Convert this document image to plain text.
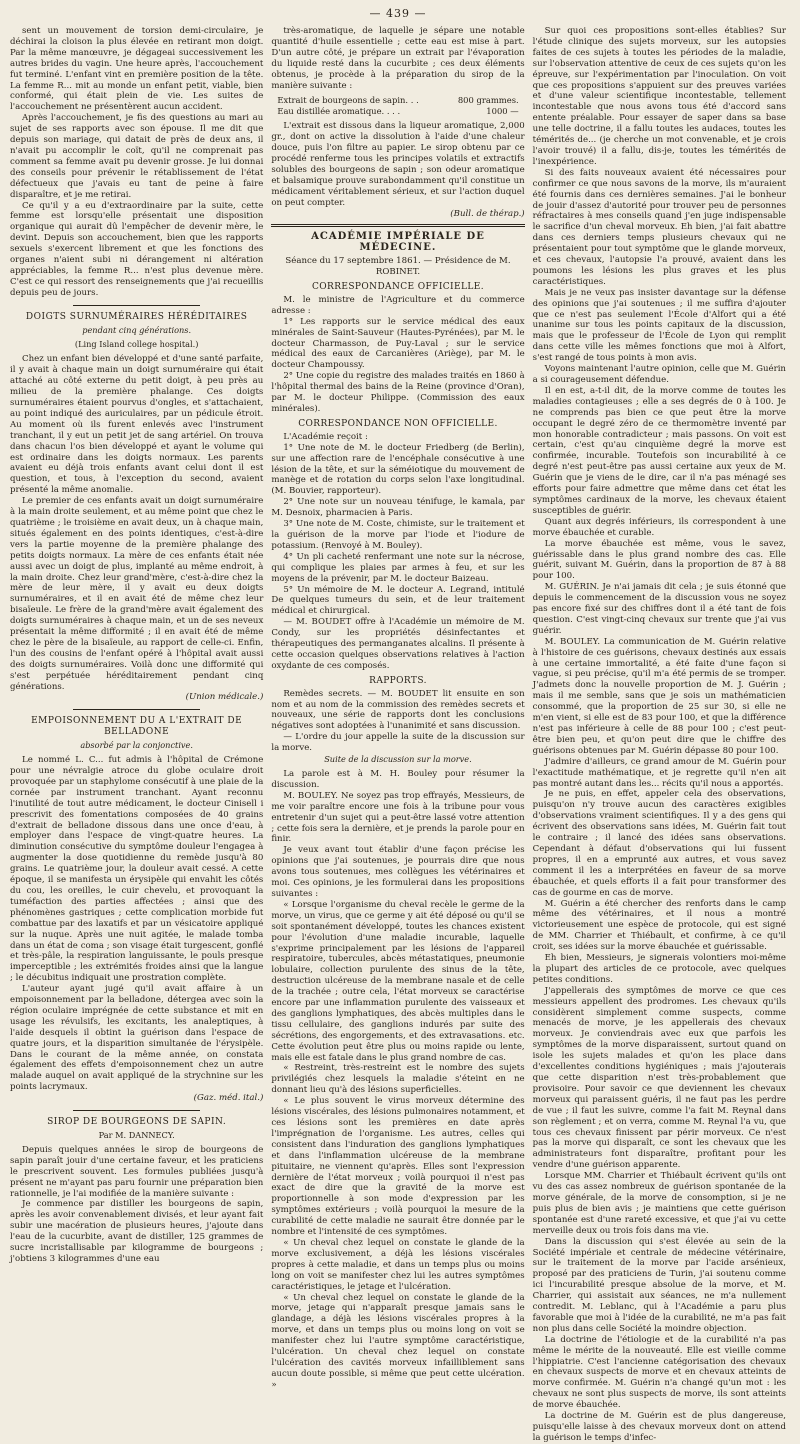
— 439 —

sent un mouvement de torsion demi-circulaire, je déchirai la cloison la plus élevée en retirant mon doigt. Par la même manœuvre, je dégageai successivement les autres brides du vagin. Une heure après, l'accouchement fut terminé. L'enfant vint en première position de la tête. La femme R... mit au monde un enfant petit, viable, bien conformé, qui était plein de vie. Les suites de l'accouchement ne présentèrent aucun accident.

Après l'accouchement, je fis des questions au mari au sujet de ses rapports avec son épouse. Il me dit que depuis son mariage, qui datait de près de deux ans, il n'avait pu accomplir le coït, qu'il ne comprenait pas comment sa femme avait pu devenir grosse. Je lui donnai des conseils pour prévenir le rétablissement de l'état défectueux que j'avais eu tant de peine à faire disparaître, et je me retirai.

Ce qu'il y a eu d'extraordinaire par la suite, cette femme est lorsqu'elle présentait une disposition organique qui aurait dû l'empêcher de devenir mère, le devint. Depuis son accouchement, bien que les rapports sexuels s'exercent librement et que les fonctions des organes n'aient subi ni dérangement ni altération appréciables, la femme R... n'est plus devenue mère. C'est ce qui ressort des renseignements que j'ai recueillis depuis peu de jours.

DOIGTS SURNUMÉRAIRES HÉRÉDITAIRES
pendant cinq générations.
(Ling Island college hospital.)

Chez un enfant bien développé et d'une santé parfaite, il y avait à chaque main un doigt surnuméraire qui était attaché au côté externe du petit doigt, à peu près au milieu de la première phalange. Ces doigts surnuméraires étaient pourvus d'ongles, et s'attachaient, au point indiqué des auriculaires, par un pédicule étroit. Au moment où ils furent enlevés avec l'instrument tranchant, il y eut un petit jet de sang artériel. On trouva dans chacun l'os bien développé et ayant le volume qui est ordinaire dans les doigts normaux. Les parents avaient eu déjà trois enfants avant celui dont il est question, et tous, à l'exception du second, avaient présenté la même anomalie.

Le premier de ces enfants avait un doigt surnuméraire à la main droite seulement, et au même point que chez le quatrième ; le troisième en avait deux, un à chaque main, situés également en des points identiques, c'est-à-dire vers la partie moyenne de la première phalange des petits doigts normaux. La mère de ces enfants était née aussi avec un doigt de plus, implanté au même endroit, à la main droite. Chez leur grand'mère, c'est-à-dire chez la mère de leur mère, il y avait eu deux doigts surnuméraires, et il en avait été de même chez leur bisaïeule. Le frère de la grand'mère avait également des doigts surnuméraires à chaque main, et un de ses neveux présentait la même difformité ; il en avait été de même chez le père de la bisaïeule, au rapport de celle-ci. Enfin, l'un des cousins de l'enfant opéré à l'hôpital avait aussi des doigts surnuméraires. Voilà donc une difformité qui s'est perpétuée héréditairement pendant cinq générations.

(Union médicale.)
EMPOISONNEMENT DU A L'EXTRAIT DE BELLADONE
absorbé par la conjonctive.

Le nommé L. C... fut admis à l'hôpital de Crémone pour une névralgie atroce du globe oculaire droit provoquée par un staphylome consécutif à une plaie de la cornée par instrument tranchant. Ayant reconnu l'inutilité de tout autre médicament, le docteur Cinisell i prescrivit des fomentations composées de 40 grains d'extrait de belladone dissous dans une once d'eau, à employer dans l'espace de vingt-quatre heures. La diminution consécutive du symptôme douleur l'engagea à augmenter la dose quotidienne du remède jusqu'à 80 grains. Le quatrième jour, la douleur avait cessé. A cette époque, il se manifesta un érysipèle qui envahit les côtés du cou, les oreilles, le cuir chevelu, et provoquant la tuméfaction des parties affectées ; ainsi que des phénomènes gastriques ; cette complication morbide fut combattue par des laxatifs et par un vésicatoire appliqué sur la nuque. Après une nuit agitée, le malade tomba dans un état de coma ; son visage était turgescent, gonflé et très-pâle, la respiration languissante, le pouls presque imperceptible ; les extrémités froides ainsi que la langue ; le décubitus indiquait une prostration complète.

L'auteur ayant jugé qu'il avait affaire à un empoisonnement par la belladone, détergea avec soin la région oculaire imprégnée de cette substance et mit en usage les révulsifs, les excitants, les analeptiques, à l'aide desquels il obtint la guérison dans l'espace de quatre jours, et la disparition simultanée de l'érysipèle. Dans le courant de la même année, on constata également des effets d'empoisonnement chez un autre malade auquel on avait appliqué de la strychnine sur les points lacrymaux.

(Gaz. méd. ital.)
SIROP DE BOURGEONS DE SAPIN.
Par M. DANNECY.

Depuis quelques années le sirop de bourgeons de sapin paraît jouir d'une certaine faveur, et les praticiens le prescrivent souvent. Les formules publiées jusqu'à présent ne m'ayant pas paru fournir une préparation bien rationnelle, je l'ai modifiée de la manière suivante :

Je commence par distiller les bourgeons de sapin, après les avoir convenablement divisés, et leur ayant fait subir une macération de plusieurs heures, j'ajoute dans l'eau de la cucurbite, avant de distiller, 125 grammes de sucre incristallisable par kilogramme de bourgeons ; j'obtiens 3 kilogrammes d'une eau

très-aromatique, de laquelle je sépare une notable quantité d'huile essentielle ; cette eau est mise à part. D'un autre côté, je prépare un extrait par l'évaporation du liquide resté dans la cucurbite ; ces deux éléments obtenus, je procède à la préparation du sirop de la manière suivante :

Extrait de bourgeons de sapin. . .	800 grammes.
Eau distillée aromatique. . . .	1000 —

L'extrait est dissous dans la liqueur aromatique, 2,000 gr., dont on active la dissolution à l'aide d'une chaleur douce, puis l'on filtre au papier. Le sirop obtenu par ce procédé renferme tous les principes volatils et extractifs solubles des bourgeons de sapin ; son odeur aromatique et balsamique prouve surabondamment qu'il constitue un médicament véritablement sérieux, et sur l'action duquel on peut compter.

(Bull. de thérap.)
ACADÉMIE IMPÉRIALE DE MÉDECINE.

Séance du 17 septembre 1861. — Présidence de M. ROBINET.

CORRESPONDANCE OFFICIELLE.

M. le ministre de l'Agriculture et du commerce adresse :

1° Les rapports sur le service médical des eaux minérales de Saint-Sauveur (Hautes-Pyrénées), par M. le docteur Charmasson, de Puy-Laval ; sur le service médical des eaux de Carcanières (Ariège), par M. le docteur Champoussy.

2° Une copie du registre des malades traités en 1860 à l'hôpital thermal des bains de la Reine (province d'Oran), par M. le docteur Philippe. (Commission des eaux minérales).

CORRESPONDANCE NON OFFICIELLE.

L'Académie reçoit :

1° Une note de M. le docteur Friedberg (de Berlin), sur une affection rare de l'encéphale consécutive à une lésion de la tête, et sur la séméiotique du mouvement de manège et de rotation du corps selon l'axe longitudinal. (M. Bouvier, rapporteur).

2° Une note sur un nouveau ténifuge, le kamala, par M. Desnoix, pharmacien à Paris.

3° Une note de M. Coste, chimiste, sur le traitement et la guérison de la morve par l'iode et l'iodure de potassium. (Renvoyé à M. Bouley).

4° Un pli cacheté renfermant une note sur la nécrose, qui complique les plaies par armes à feu, et sur les moyens de la prévenir, par M. le docteur Baizeau.

5° Un mémoire de M. le docteur A. Legrand, intitulé De quelques tumeurs du sein, et de leur traitement médical et chirurgical.

— M. BOUDET offre à l'Académie un mémoire de M. Condy, sur les propriétés désinfectantes et thérapeutiques des permanganates alcalins. Il présente à cette occasion quelques observations relatives à l'action oxydante de ces composés.

RAPPORTS.

Remèdes secrets. — M. BOUDET lit ensuite en son nom et au nom de la commission des remèdes secrets et nouveaux, une série de rapports dont les conclusions négatives sont adoptées à l'unanimité et sans discussion.

— L'ordre du jour appelle la suite de la discussion sur la morve.

Suite de la discussion sur la morve.

La parole est à M. H. Bouley pour résumer la discussion.

M. BOULEY. Ne soyez pas trop effrayés, Messieurs, de me voir paraître encore une fois à la tribune pour vous entretenir d'un sujet qui a peut-être lassé votre attention ; cette fois sera la dernière, et je prends la parole pour en finir.

Je veux avant tout établir d'une façon précise les opinions que j'ai soutenues, je pourrais dire que nous avons tous soutenues, mes collègues les vétérinaires et moi. Ces opinions, je les formulerai dans les propositions suivantes :

« Lorsque l'organisme du cheval recèle le germe de la morve, un virus, que ce germe y ait été déposé ou qu'il se soit spontanément développé, toutes les chances existent pour l'évolution d'une maladie incurable, laquelle s'exprime principalement par les lésions de l'appareil respiratoire, tubercules, abcès métastatiques, pneumonie lobulaire, collection purulente des sinus de la tête, destruction ulcéreuse de la membrane nasale et de celle de la trachée ; outre cela, l'état morveux se caractérise encore par une inflammation purulente des vaisseaux et des ganglions lymphatiques, des abcès multiples dans le tissu cellulaire, des ganglions indurés par suite des sécrétions, des engorgements, et des extravasations. etc. Cette évolution peut être plus ou moins rapide ou lente, mais elle est fatale dans le plus grand nombre de cas.

« Restreint, très-restreint est le nombre des sujets privilégiés chez lesquels la maladie s'éteint en ne donnant lieu qu'à des lésions superficielles.

« Le plus souvent le virus morveux détermine des lésions viscérales, des lésions pulmonaires notamment, et ces lésions sont les premières en date après l'imprégnation de l'organisme. Les autres, celles qui consistent dans l'induration des ganglions lymphatiques et dans l'inflammation ulcéreuse de la membrane pituitaire, ne viennent qu'après. Elles sont l'expression dernière de l'état morveux ; voilà pourquoi il n'est pas exact de dire que la gravité de la morve est proportionnelle à son mode d'expression par les symptômes extérieurs ; voilà pourquoi la mesure de la curabilité de cette maladie ne saurait être donnée par le nombre et l'intensité de ces symptômes.

« Un cheval chez lequel on constate le glande de la morve exclusivement, a déjà les lésions viscérales propres à cette maladie, et dans un temps plus ou moins long on voit se manifester chez lui les autres symptômes caractéristiques, le jetage et l'ulcération.

« Un cheval chez lequel on constate le glande de la morve, jetage qui n'apparaît presque jamais sans le glandage, a déjà les lésions viscérales propres à la morve, et dans un temps plus ou moins long on voit se manifester chez lui l'autre symptôme caractéristique, l'ulcération. Un cheval chez lequel on constate l'ulcération des cavités morveux infailliblement sans aucun doute possible, si même que peut cette ulcération. »

Sur quoi ces propositions sont-elles établies? Sur l'étude clinique des sujets morveux, sur les autopsies faites de ces sujets à toutes les périodes de la maladie, sur l'observation attentive de ceux de ces sujets qu'on les épreuve, sur l'expérimentation par l'inoculation. On voit que ces propositions s'appuient sur des preuves variées et d'une valeur scientifique incontestable, tellement incontestable que nous avons tous été d'accord sans entente préalable. Pour essayer de saper dans sa base une telle doctrine, il a fallu toutes les audaces, toutes les témérités de... (je cherche un mot convenable, et je crois l'avoir trouvé) il a fallu, dis-je, toutes les témérités de l'inexpérience.

Si des faits nouveaux avaient été nécessaires pour confirmer ce que nous savons de la morve, ils m'auraient été fournis dans ces dernières semaines. J'ai le bonheur de jouir d'assez d'autorité pour trouver peu de personnes réfractaires à mes conseils quand j'en juge indispensable le sacrifice d'un cheval morveux. Eh bien, j'ai fait abattre dans ces derniers temps plusieurs chevaux qui ne présentaient pour tout symptôme que le glande morveux, et ces chevaux, l'autopsie l'a prouvé, avaient dans les poumons les lésions les plus graves et les plus caractéristiques.

Mais je ne veux pas insister davantage sur la défense des opinions que j'ai soutenues ; il me suffira d'ajouter que ce n'est pas seulement l'École d'Alfort qui a été unanime sur tous les points capitaux de la discussion, mais que le professeur de l'École de Lyon qui remplit dans cette ville les mêmes fonctions que moi à Alfort, s'est rangé de tous points à mon avis.

Voyons maintenant l'autre opinion, celle que M. Guérin a si courageusement défendue.

Il en est, a-t-il dit, de la morve comme de toutes les maladies contagieuses ; elle a ses degrés de 0 à 100. Je ne comprends pas bien ce que peut être la morve occupant le degré zéro de ce thermomètre inventé par mon honorable contradicteur ; mais passons. On voit est certain, c'est qu'au cinquième degré la morve est confirmée, incurable. Toutefois son incurabilité à ce degré n'est peut-être pas aussi certaine aux yeux de M. Guérin que je viens de le dire, car il n'a pas ménagé ses efforts pour faire admettre que même dans cet état les symptômes cardinaux de la morve, les chevaux étaient susceptibles de guérir.

Quant aux degrés inférieurs, ils correspondent à une morve ébauchée et curable.

La morve ébauchée est même, vous le savez, guérissable dans le plus grand nombre des cas. Elle guérit, suivant M. Guérin, dans la proportion de 87 à 88 pour 100.

M. GUÉRIN. Je n'ai jamais dit cela ; je suis étonné que depuis le commencement de la discussion vous ne soyez pas encore fixé sur des chiffres dont il a été tant de fois question. C'est vingt-cinq chevaux sur trente que j'ai vus guérir.

M. BOULEY. La communication de M. Guérin relative à l'histoire de ces guérisons, chevaux destinés aux essais à une certaine immortalité, a été faite d'une façon si vague, si peu précise, qu'il m'a été permis de se tromper. J'admets donc la nouvelle proportion de M. J. Guérin ; mais il me semble, sans que je sois un mathématicien consommé, que la proportion de 25 sur 30, si elle ne m'en vient, si elle est de 83 pour 100, et que la différence n'est pas inférieure à celle de 88 pour 100 ; c'est peut-être bien peu, et qu'on peut dire que le chiffre des guérisons obtenues par M. Guérin dépasse 80 pour 100.

J'admire d'ailleurs, ce grand amour de M. Guérin pour l'exactitude mathématique, et je regrette qu'il n'en ait pas montré autant dans les... récits qu'il nous a apportés.

Je ne puis, en effet, appeler cela des observations, puisqu'on n'y trouve aucun des caractères exigibles d'observations vraiment scientifiques. Il y a des gens qui écrivent des observations sans idées, M. Guérin fait tout le contraire ; il lancé des idées sans observations. Cependant à défaut d'observations qui lui fussent propres, il en a emprunté aux autres, et vous savez comment il les a interprétées en faveur de sa morve ébauchée, et quels efforts il a fait pour transformer des cas de gourme en cas de morve.

M. Guérin a été chercher des renforts dans le camp même des vétérinaires, et il nous a montré victorieusement une espèce de protocole, qui est signé de MM. Charrier et Thiébault, et confirme, à ce qu'il croit, ses idées sur la morve ébauchée et guérissable.

Eh bien, Messieurs, je signerais volontiers moi-même la plupart des articles de ce protocole, avec quelques petites conditions.

J'appellerais des symptômes de morve ce que ces messieurs appellent des prodromes. Les chevaux qu'ils considèrent simplement comme suspects, comme menacés de morve, je les appellerais des chevaux morveux. Je conviendrais avec eux que parfois les symptômes de la morve disparaissent, surtout quand on isole les sujets malades et qu'on les place dans d'excellentes conditions hygiéniques ; mais j'ajouterais que cette disparition n'est très-probablement que provisoire. Pour savoir ce que deviennent les chevaux morveux qui paraissent guéris, il ne faut pas les perdre de vue ; il faut les suivre, comme l'a fait M. Reynal dans son règlement ; et on verra, comme M. Reynal l'a vu, que tous ces chevaux finissent par périr morveux. Ce n'est pas la morve qui disparaît, ce sont les chevaux que les administrateurs font disparaître, profitant pour les vendre d'une guérison apparente.

Lorsque MM. Charrier et Thiébault écrivent qu'ils ont vu des cas assez nombreux de guérison spontanée de la morve générale, de la morve de consomption, si je ne puis plus de bien avis ; je maintiens que cette guérison spontanée est d'une rareté excessive, et que j'ai vu cette merveille deux ou trois fois dans ma vie.

Dans la discussion qui s'est élevée au sein de la Société impériale et centrale de médecine vétérinaire, sur le traitement de la morve par l'acide arsénieux, proposé par des praticiens de Turin, j'ai soutenu comme ici l'incurabilité presque absolue de la morve, et M. Charrier, qui assistait aux séances, ne m'a nullement contredit. M. Leblanc, qui à l'Académie a paru plus favorable que moi à l'idée de la curabilité, ne m'a pas fait non plus dans celle Société la moindre objection.

La doctrine de l'étiologie et de la curabilité n'a pas même le mérite de la nouveauté. Elle est vieille comme l'hippiatrie. C'est l'ancienne catégorisation des chevaux en chevaux suspects de morve et en chevaux atteints de morve confirmée. M. Guérin n'a changé qu'un mot : les chevaux ne sont plus suspects de morve, ils sont atteints de morve ébauchée.

La doctrine de M. Guérin est de plus dangereuse, puisqu'elle laisse à des chevaux morveux dont on attend la guérison le temps d'infec-
